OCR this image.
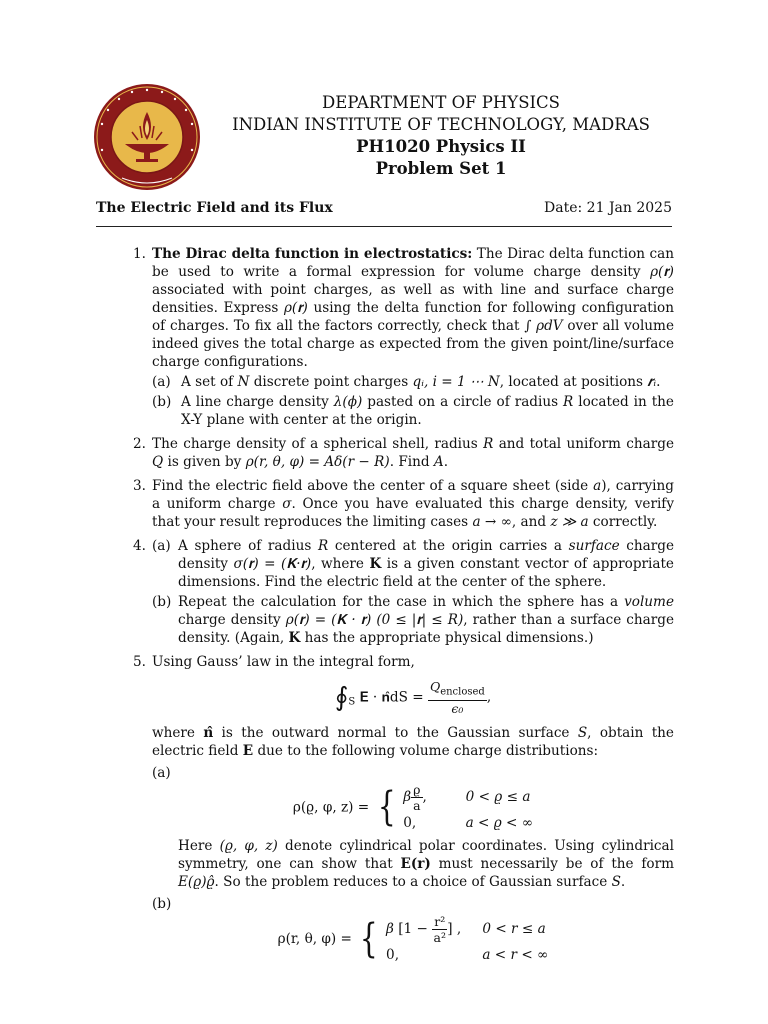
DEPARTMENT OF PHYSICS
INDIAN INSTITUTE OF TECHNOLOGY, MADRAS
PH1020 Physics II
Problem Set 1
The Electric Field and its Flux	Date: 21 Jan 2025
1. The Dirac delta function in electrostatics: The Dirac delta function can be used to write a formal expression for volume charge density ρ(𝐫) associated with point charges, as well as with line and surface charge densities. Express ρ(𝐫) using the delta function for following configuration of charges. To fix all the factors correctly, check that ∫ ρdV over all volume indeed gives the total charge as expected from the given point/line/surface charge configurations.
(a) A set of N discrete point charges qᵢ, i = 1 ⋯ N, located at positions 𝒓ᵢ.
(b) A line charge density λ(ϕ) pasted on a circle of radius R located in the X-Y plane with center at the origin.
2. The charge density of a spherical shell, radius R and total uniform charge Q is given by ρ(r, θ, φ) = Aδ(r − R). Find A.
3. Find the electric field above the center of a square sheet (side a), carrying a uniform charge σ. Once you have evaluated this charge density, verify that your result reproduces the limiting cases a → ∞, and z ≫ a correctly.
4. (a) A sphere of radius R centered at the origin carries a surface charge density σ(𝐫) = (𝐊·𝐫), where 𝐊 is a given constant vector of appropriate dimensions. Find the electric field at the center of the sphere.
(b) Repeat the calculation for the case in which the sphere has a volume charge density ρ(𝐫) = (𝐊 · 𝐫) (0 ≤ |𝐫| ≤ R), rather than a surface charge density. (Again, 𝐊 has the appropriate physical dimensions.)
5. Using Gauss’ law in the integral form,
$∮_S$ 𝐄 · 𝐧̂dS = $\frac{Q_{enclosed}}{\text{ϵ₀}}$ ,
where 𝐧̂ is the outward normal to the Gaussian surface S, obtain the electric field 𝐄 due to the following volume charge distributions:
(a)
ρ(ϱ, φ, z) = { β $\frac{ϱ}{a}$ ,	0 < ϱ ≤ a
0,	a < ϱ < ∞
Here (ϱ, φ, z) denote cylindrical polar coordinates. Using cylindrical symmetry, one can show that 𝐄(𝐫) must necessarily be of the form E(ϱ)ϱ̂. So the problem reduces to a choice of Gaussian surface S.
(b)
ρ(r, θ, φ) = { β [$1 - \frac{\text{r²}}{\text{a²}}$ ] , 0 < r ≤ a
0,	a < r < ∞
